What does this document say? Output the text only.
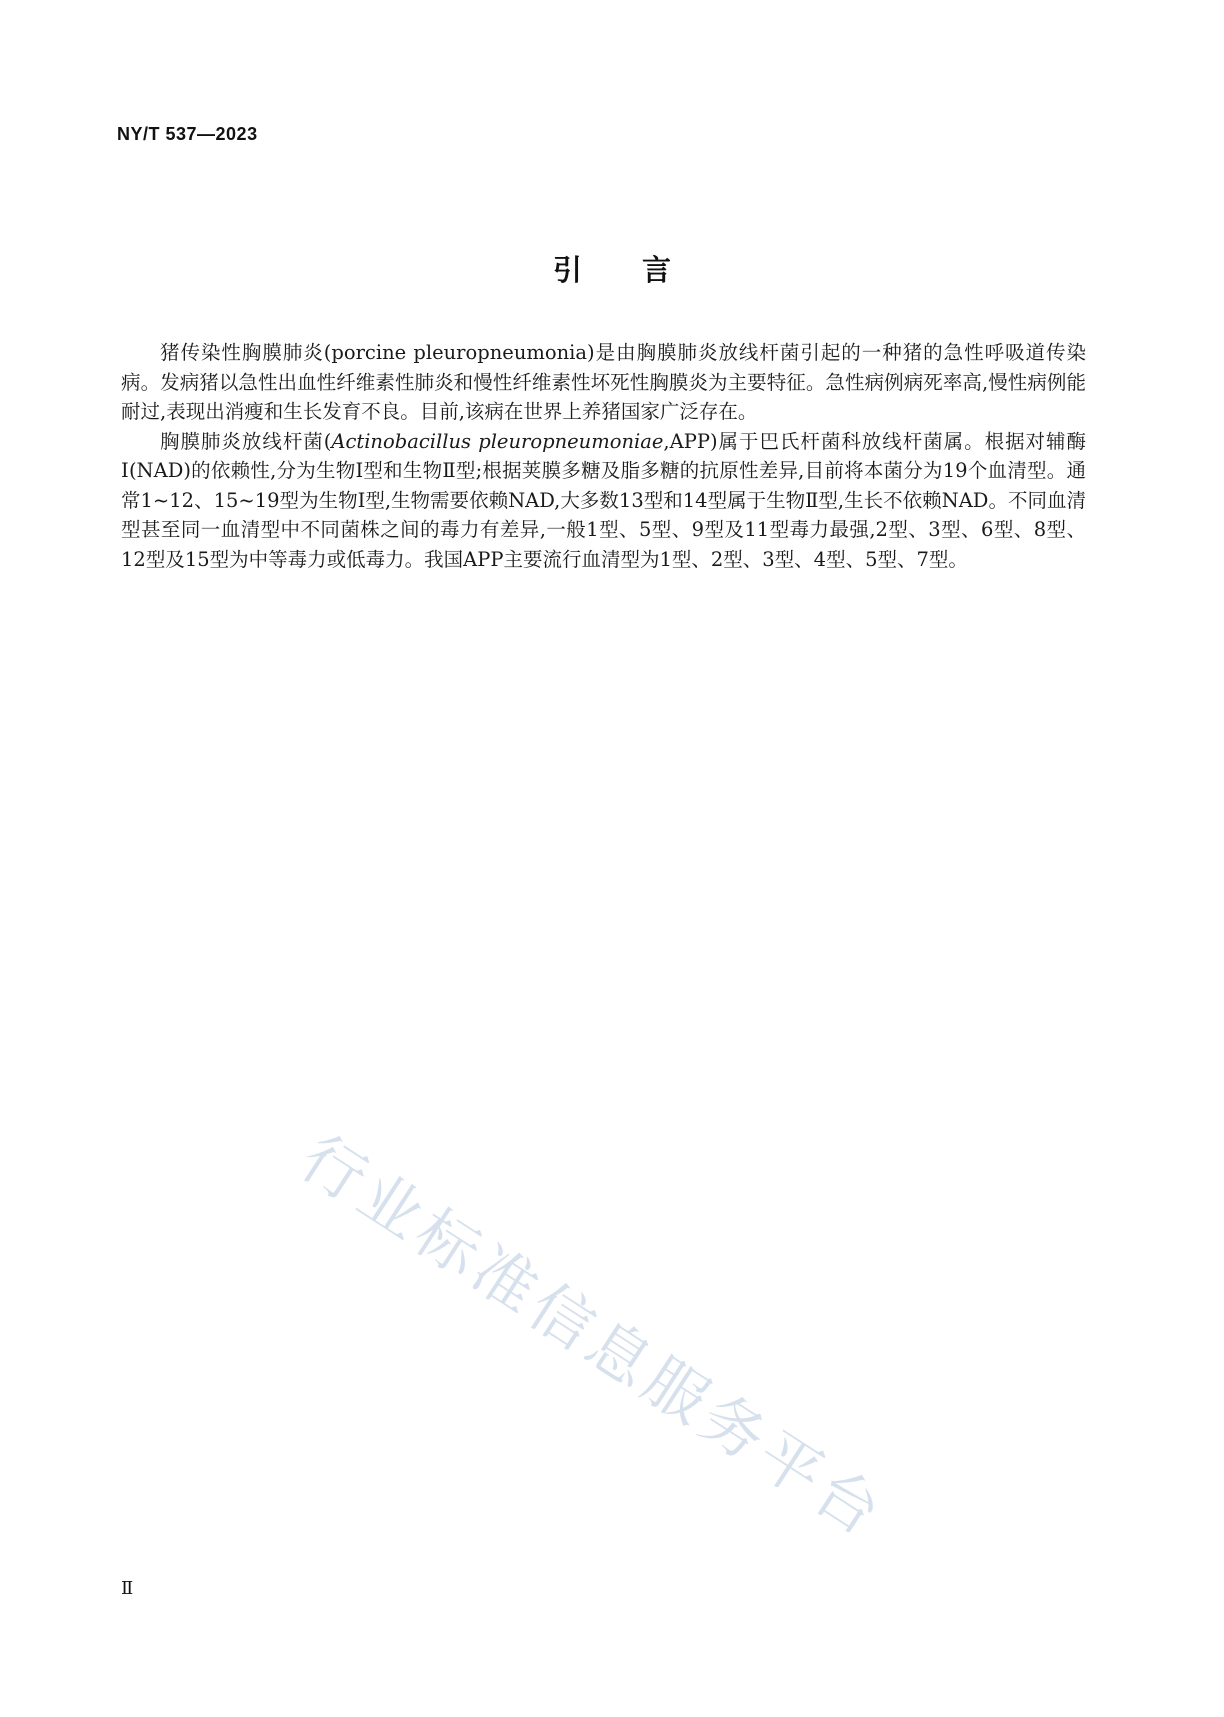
NY/T 537—2023
引言

猪传染性胸膜肺炎(porcine pleuropneumonia)是由胸膜肺炎放线杆菌引起的一种猪的急性呼吸道传染病。发病猪以急性出血性纤维素性肺炎和慢性纤维素性坏死性胸膜炎为主要特征。急性病例病死率高,慢性病例能耐过,表现出消瘦和生长发育不良。目前,该病在世界上养猪国家广泛存在。

胸膜肺炎放线杆菌(Actinobacillus pleuropneumoniae,APP)属于巴氏杆菌科放线杆菌属。根据对辅酶Ⅰ(NAD)的依赖性,分为生物Ⅰ型和生物Ⅱ型;根据荚膜多糖及脂多糖的抗原性差异,目前将本菌分为19个血清型。通常1~12、15~19型为生物Ⅰ型,生物需要依赖NAD,大多数13型和14型属于生物Ⅱ型,生长不依赖NAD。不同血清型甚至同一血清型中不同菌株之间的毒力有差异,一般1型、5型、9型及11型毒力最强,2型、3型、6型、8型、12型及15型为中等毒力或低毒力。我国APP主要流行血清型为1型、2型、3型、4型、5型、7型。

行业标准信息服务平台
Ⅱ
